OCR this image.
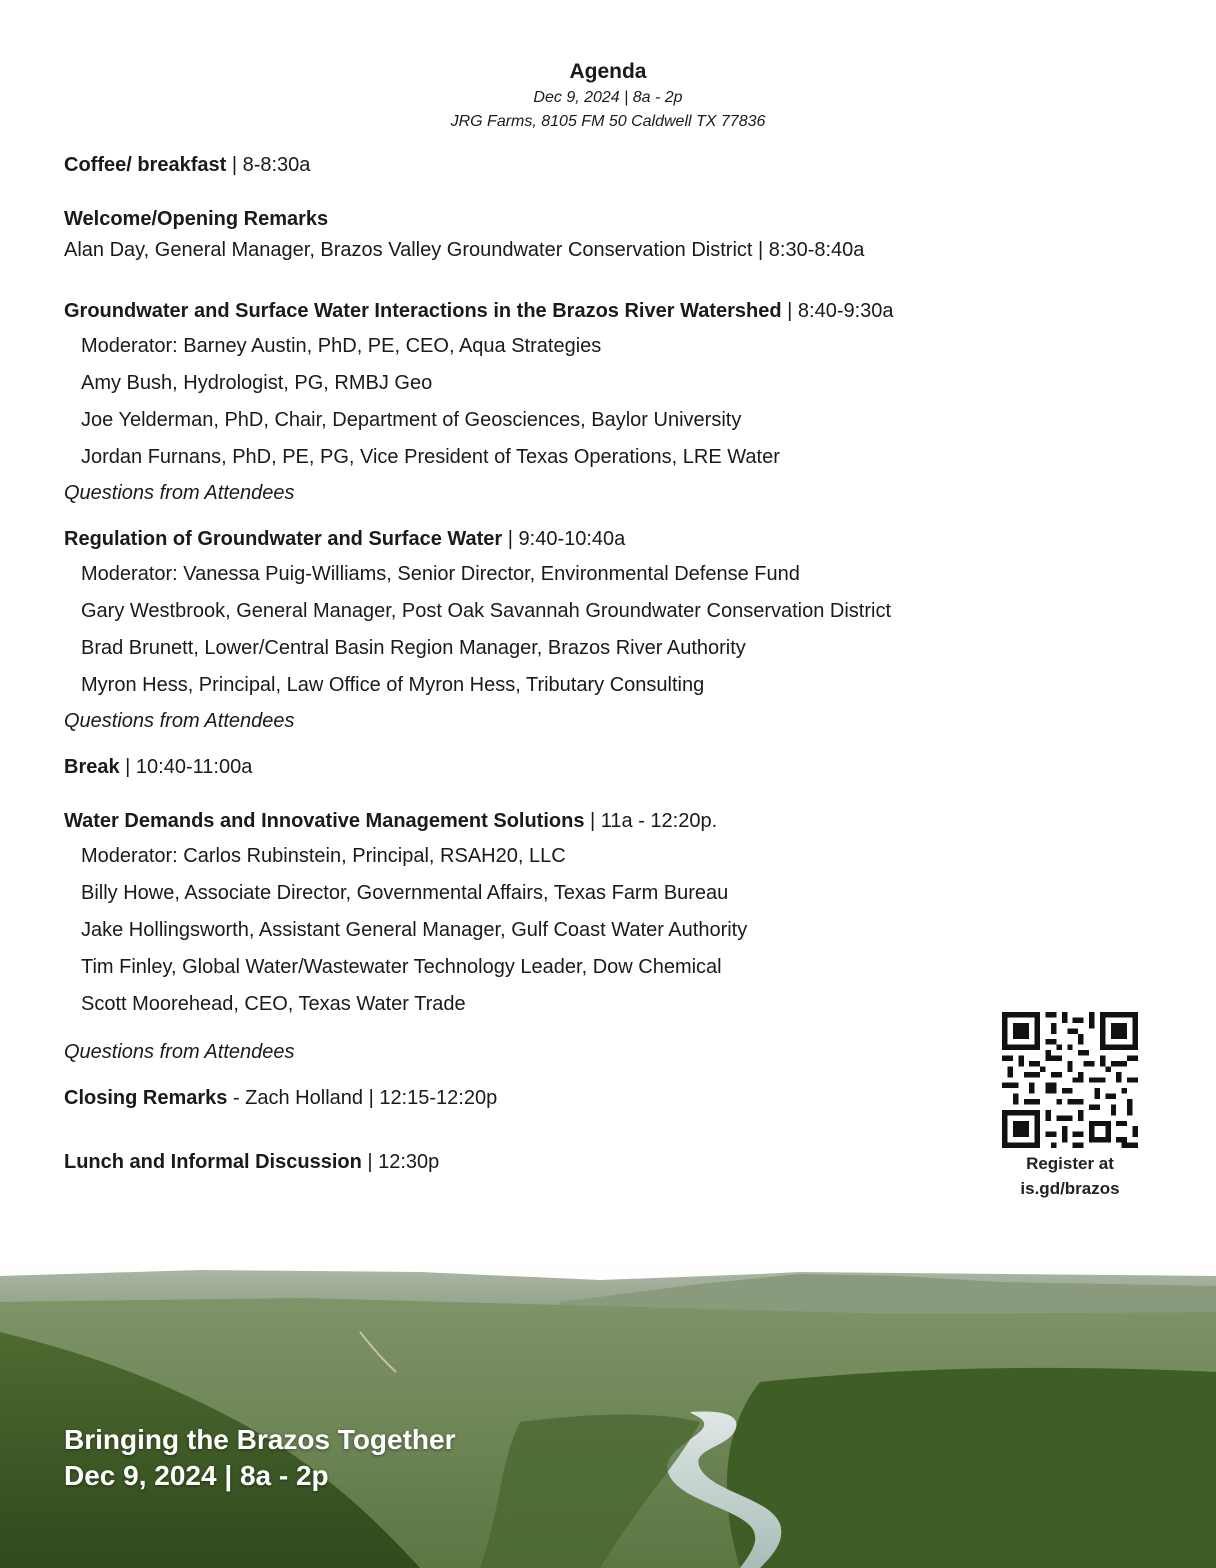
Agenda
Dec 9, 2024 | 8a - 2p
JRG Farms, 8105 FM 50 Caldwell TX 77836
Coffee/ breakfast | 8-8:30a
Welcome/Opening Remarks
Alan Day, General Manager, Brazos Valley Groundwater Conservation District | 8:30-8:40a
Groundwater and Surface Water Interactions in the Brazos River Watershed | 8:40-9:30a
Moderator: Barney Austin, PhD, PE, CEO, Aqua Strategies
Amy Bush, Hydrologist, PG, RMBJ Geo
Joe Yelderman, PhD, Chair, Department of Geosciences, Baylor University
Jordan Furnans, PhD, PE, PG, Vice President of Texas Operations, LRE Water
Questions from Attendees
Regulation of Groundwater and Surface Water | 9:40-10:40a
Moderator: Vanessa Puig-Williams, Senior Director, Environmental Defense Fund
Gary Westbrook, General Manager, Post Oak Savannah Groundwater Conservation District
Brad Brunett, Lower/Central Basin Region Manager, Brazos River Authority
Myron Hess, Principal, Law Office of Myron Hess, Tributary Consulting
Questions from Attendees
Break | 10:40-11:00a
Water Demands and Innovative Management Solutions | 11a - 12:20p.
Moderator: Carlos Rubinstein, Principal, RSAH20, LLC
Billy Howe, Associate Director, Governmental Affairs, Texas Farm Bureau
Jake Hollingsworth, Assistant General Manager, Gulf Coast Water Authority
Tim Finley, Global Water/Wastewater Technology Leader, Dow Chemical
Scott Moorehead, CEO, Texas Water Trade
Questions from Attendees
Closing Remarks - Zach Holland | 12:15-12:20p
Lunch and Informal Discussion | 12:30p	Register at
is.gd/brazos
Bringing the Brazos Together
Dec 9, 2024 | 8a - 2p
